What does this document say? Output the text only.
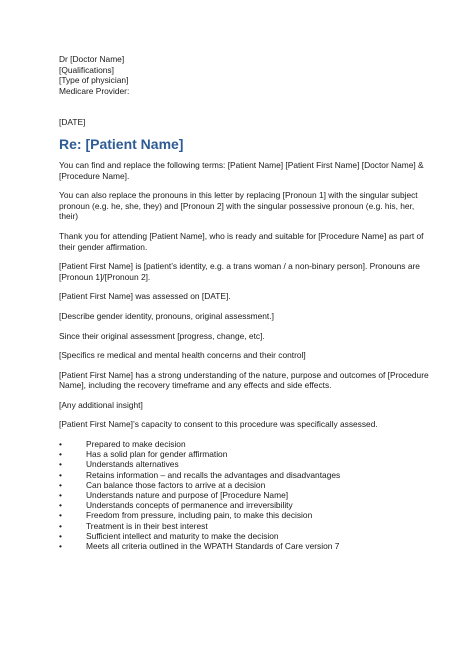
Dr [Doctor Name]
[Qualifications]
[Type of physician]
Medicare Provider:
[DATE]
Re: [Patient Name]
You can find and replace the following terms: [Patient Name] [Patient First Name] [Doctor Name] & [Procedure Name].
You can also replace the pronouns in this letter by replacing [Pronoun 1] with the singular subject pronoun (e.g. he, she, they) and [Pronoun 2] with the singular possessive pronoun (e.g. his, her, their)
Thank you for attending [Patient Name], who is ready and suitable for [Procedure Name] as part of their gender affirmation.
[Patient First Name] is [patient’s identity, e.g. a trans woman / a non-binary person]. Pronouns are [Pronoun 1]/[Pronoun 2].
[Patient First Name] was assessed on [DATE].
[Describe gender identity, pronouns, original assessment.]
Since their original assessment [progress, change, etc].
[Specifics re medical and mental health concerns and their control]
[Patient First Name] has a strong understanding of the nature, purpose and outcomes of [Procedure Name], including the recovery timeframe and any effects and side effects.
[Any additional insight]
[Patient First Name]’s capacity to consent to this procedure was specifically assessed.
•	Prepared to make decision
•	Has a solid plan for gender affirmation
•	Understands alternatives
•	Retains information – and recalls the advantages and disadvantages
•	Can balance those factors to arrive at a decision
•	Understands nature and purpose of [Procedure Name]
•	Understands concepts of permanence and irreversibility
•	Freedom from pressure, including pain, to make this decision
•	Treatment is in their best interest
•	Sufficient intellect and maturity to make the decision
•	Meets all criteria outlined in the WPATH Standards of Care version 7
